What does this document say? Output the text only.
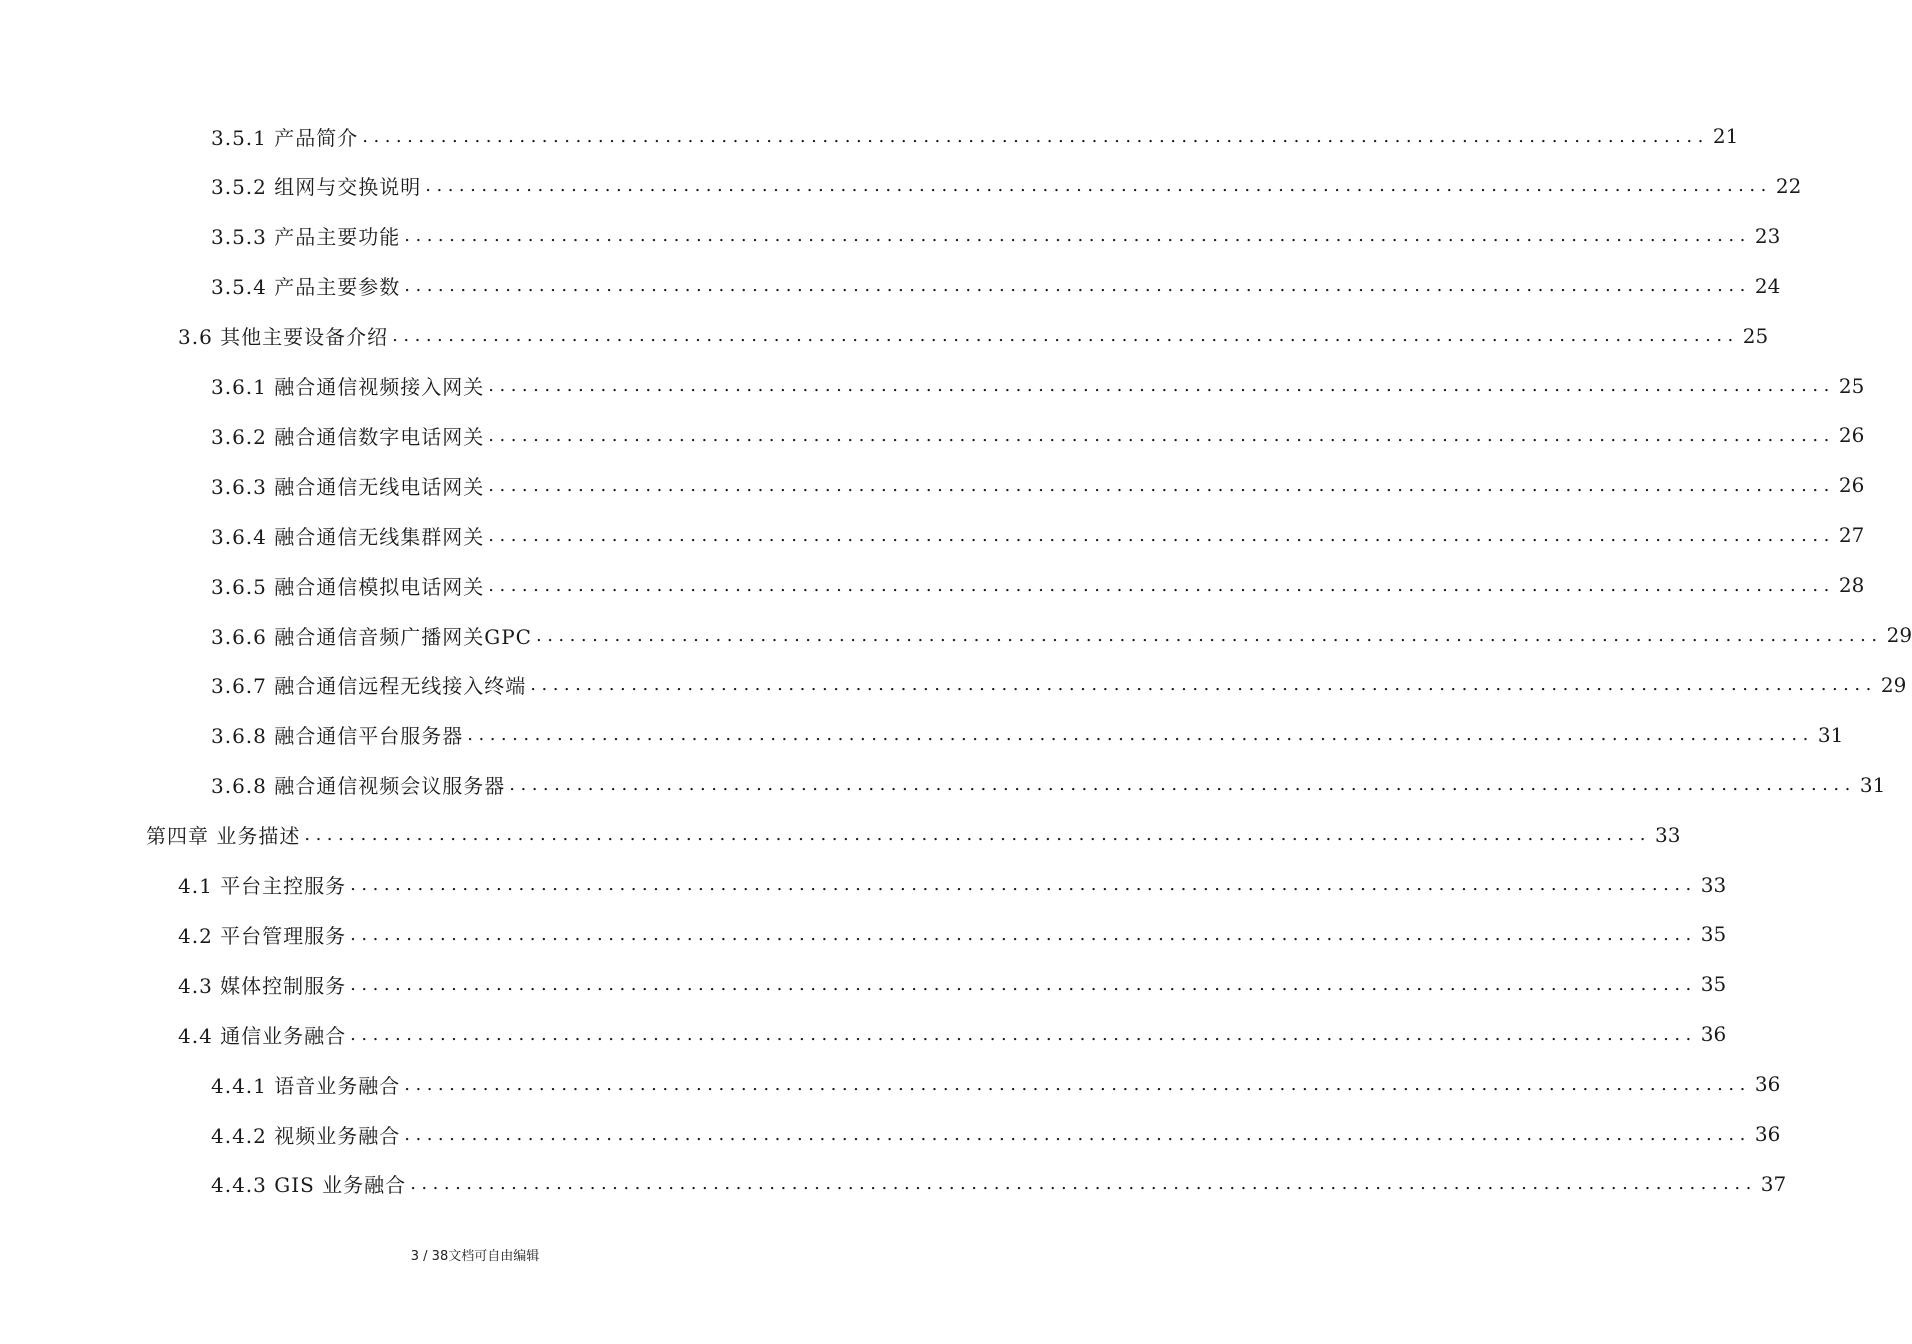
3.5.1 产品简介 ........................................................................................................................ 21
3.5.2 组网与交换说明 ........................................................................................................................ 22
3.5.3 产品主要功能 ........................................................................................................................ 23
3.5.4 产品主要参数 ........................................................................................................................ 24
3.6 其他主要设备介绍 ........................................................................................................................ 25
3.6.1 融合通信视频接入网关 ........................................................................................................................ 25
3.6.2 融合通信数字电话网关 ........................................................................................................................ 26
3.6.3 融合通信无线电话网关 ........................................................................................................................ 26
3.6.4 融合通信无线集群网关 ........................................................................................................................ 27
3.6.5 融合通信模拟电话网关 ........................................................................................................................ 28
3.6.6 融合通信音频广播网关GPC ........................................................................................................................ 29
3.6.7 融合通信远程无线接入终端 ........................................................................................................................ 29
3.6.8 融合通信平台服务器 ........................................................................................................................ 31
3.6.8 融合通信视频会议服务器 ........................................................................................................................ 31
第四章 业务描述 ........................................................................................................................ 33
4.1 平台主控服务 ........................................................................................................................ 33
4.2 平台管理服务 ........................................................................................................................ 35
4.3 媒体控制服务 ........................................................................................................................ 35
4.4 通信业务融合 ........................................................................................................................ 36
4.4.1 语音业务融合 ........................................................................................................................ 36
4.4.2 视频业务融合 ........................................................................................................................ 36
4.4.3 GIS 业务融合 ........................................................................................................................ 37
3 / 38文档可自由编辑
